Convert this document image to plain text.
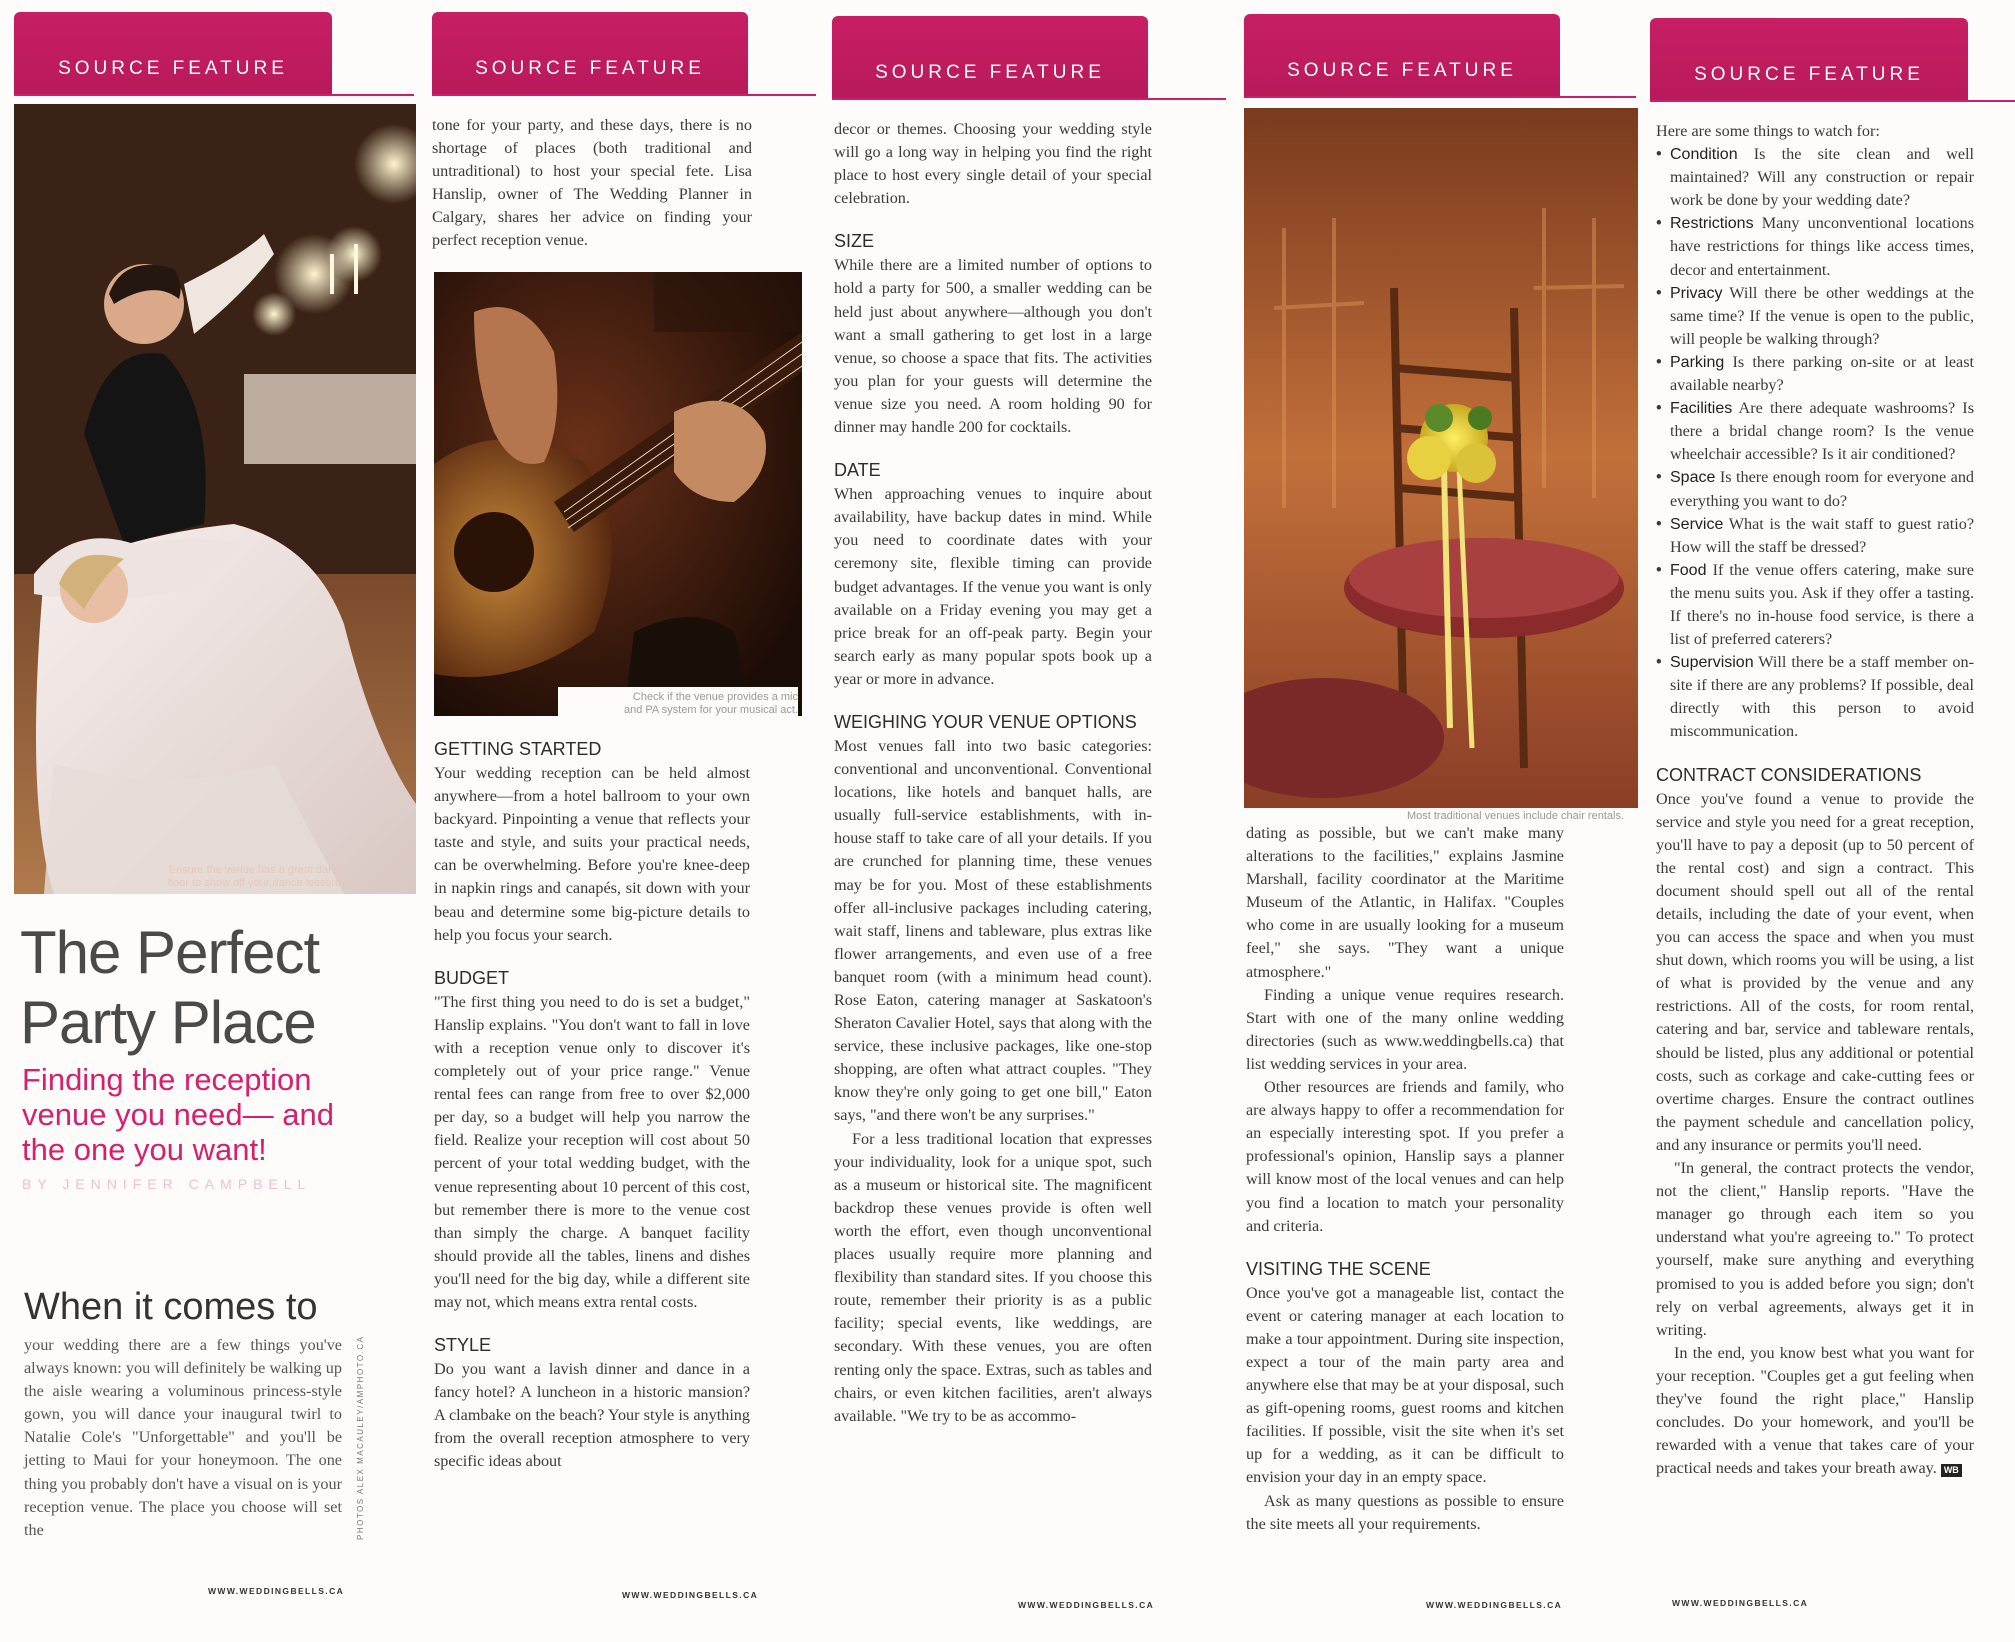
SOURCE FEATURE
Ensure the venue has a great dance
floor to show off your dance lessons!
The Perfect
Party Place
Finding the reception
venue you need— and
the one you want!
BY JENNIFER CAMPBELL
When it comes to

your wedding there are a few things you've always known: you will definitely be walking up the aisle wearing a voluminous princess-style gown, you will dance your inaugural twirl to Natalie Cole's "Unforgettable" and you'll be jetting to Maui for your honeymoon. The one thing you probably don't have a visual on is your reception venue. The place you choose will set the	PHOTOS ALEX MACAULEY/AMPHOTO.CA
WWW.WEDDINGBELLS.CA
SOURCE FEATURE

tone for your party, and these days, there is no shortage of places (both traditional and untraditional) to host your special fete. Lisa Hanslip, owner of The Wedding Planner in Calgary, shares her advice on finding your perfect reception venue.

Check if the venue provides a mic
and PA system for your musical act.
GETTING STARTED

Your wedding reception can be held almost anywhere—from a hotel ballroom to your own backyard. Pinpointing a venue that reflects your taste and style, and suits your practical needs, can be overwhelming. Before you're knee-deep in napkin rings and canapés, sit down with your beau and determine some big-picture details to help you focus your search.

BUDGET

"The first thing you need to do is set a budget," Hanslip explains. "You don't want to fall in love with a reception venue only to discover it's completely out of your price range." Venue rental fees can range from free to over $2,000 per day, so a budget will help you narrow the field. Realize your reception will cost about 50 percent of your total wedding budget, with the venue representing about 10 percent of this cost, but remember there is more to the venue cost than simply the charge. A banquet facility should provide all the tables, linens and dishes you'll need for the big day, while a different site may not, which means extra rental costs.

STYLE

Do you want a lavish dinner and dance in a fancy hotel? A luncheon in a historic mansion? A clambake on the beach? Your style is anything from the overall reception atmosphere to very specific ideas about

WWW.WEDDINGBELLS.CA
SOURCE FEATURE

decor or themes. Choosing your wedding style will go a long way in helping you find the right place to host every single detail of your special celebration.

SIZE

While there are a limited number of options to hold a party for 500, a smaller wedding can be held just about anywhere—although you don't want a small gathering to get lost in a large venue, so choose a space that fits. The activities you plan for your guests will determine the venue size you need. A room holding 90 for dinner may handle 200 for cocktails.

DATE

When approaching venues to inquire about availability, have backup dates in mind. While you need to coordinate dates with your ceremony site, flexible timing can provide budget advantages. If the venue you want is only available on a Friday evening you may get a price break for an off-peak party. Begin your search early as many popular spots book up a year or more in advance.

WEIGHING YOUR VENUE OPTIONS

Most venues fall into two basic categories: conventional and unconventional. Conventional locations, like hotels and banquet halls, are usually full-service establishments, with in-house staff to take care of all your details. If you are crunched for planning time, these venues may be for you. Most of these establishments offer all-inclusive packages including catering, wait staff, linens and tableware, plus extras like flower arrangements, and even use of a free banquet room (with a minimum head count). Rose Eaton, catering manager at Saskatoon's Sheraton Cavalier Hotel, says that along with the service, these inclusive packages, like one-stop shopping, are often what attract couples. "They know they're only going to get one bill," Eaton says, "and there won't be any surprises."

For a less traditional location that expresses your individuality, look for a unique spot, such as a museum or historical site. The magnificent backdrop these venues provide is often well worth the effort, even though unconventional places usually require more planning and flexibility than standard sites. If you choose this route, remember their priority is as a public facility; special events, like weddings, are secondary. With these venues, you are often renting only the space. Extras, such as tables and chairs, or even kitchen facilities, aren't always available. "We try to be as accommo-

WWW.WEDDINGBELLS.CA
SOURCE FEATURE
Most traditional venues include chair rentals.

dating as possible, but we can't make many alterations to the facilities," explains Jasmine Marshall, facility coordinator at the Maritime Museum of the Atlantic, in Halifax. "Couples who come in are usually looking for a museum feel," she says. "They want a unique atmosphere."

Finding a unique venue requires research. Start with one of the many online wedding directories (such as www.weddingbells.ca) that list wedding services in your area.

Other resources are friends and family, who are always happy to offer a recommendation for an especially interesting spot. If you prefer a professional's opinion, Hanslip says a planner will know most of the local venues and can help you find a location to match your personality and criteria.

VISITING THE SCENE

Once you've got a manageable list, contact the event or catering manager at each location to make a tour appointment. During site inspection, expect a tour of the main party area and anywhere else that may be at your disposal, such as gift-opening rooms, guest rooms and kitchen facilities. If possible, visit the site when it's set up for a wedding, as it can be difficult to envision your day in an empty space.

Ask as many questions as possible to ensure the site meets all your requirements.

WWW.WEDDINGBELLS.CA
SOURCE FEATURE

Here are some things to watch for:

• Condition Is the site clean and well maintained? Will any construction or repair work be done by your wedding date?
• Restrictions Many unconventional locations have restrictions for things like access times, decor and entertainment.
• Privacy Will there be other weddings at the same time? If the venue is open to the public, will people be walking through?
• Parking Is there parking on-site or at least available nearby?
• Facilities Are there adequate washrooms? Is there a bridal change room? Is the venue wheelchair accessible? Is it air conditioned?
• Space Is there enough room for everyone and everything you want to do?
• Service What is the wait staff to guest ratio? How will the staff be dressed?
• Food If the venue offers catering, make sure the menu suits you. Ask if they offer a tasting. If there's no in-house food service, is there a list of preferred caterers?
• Supervision Will there be a staff member on-site if there are any problems? If possible, deal directly with this person to avoid miscommunication.
CONTRACT CONSIDERATIONS

Once you've found a venue to provide the service and style you need for a great reception, you'll have to pay a deposit (up to 50 percent of the rental cost) and sign a contract. This document should spell out all of the rental details, including the date of your event, when you can access the space and when you must shut down, which rooms you will be using, a list of what is provided by the venue and any restrictions. All of the costs, for room rental, catering and bar, service and tableware rentals, should be listed, plus any additional or potential costs, such as corkage and cake-cutting fees or overtime charges. Ensure the contract outlines the payment schedule and cancellation policy, and any insurance or permits you'll need.

"In general, the contract protects the vendor, not the client," Hanslip reports. "Have the manager go through each item so you understand what you're agreeing to." To protect yourself, make sure anything and everything promised to you is added before you sign; don't rely on verbal agreements, always get it in writing.

In the end, you know best what you want for your reception. "Couples get a gut feeling when they've found the right place," Hanslip concludes. Do your homework, and you'll be rewarded with a venue that takes care of your practical needs and takes your breath away. WB

WWW.WEDDINGBELLS.CA
